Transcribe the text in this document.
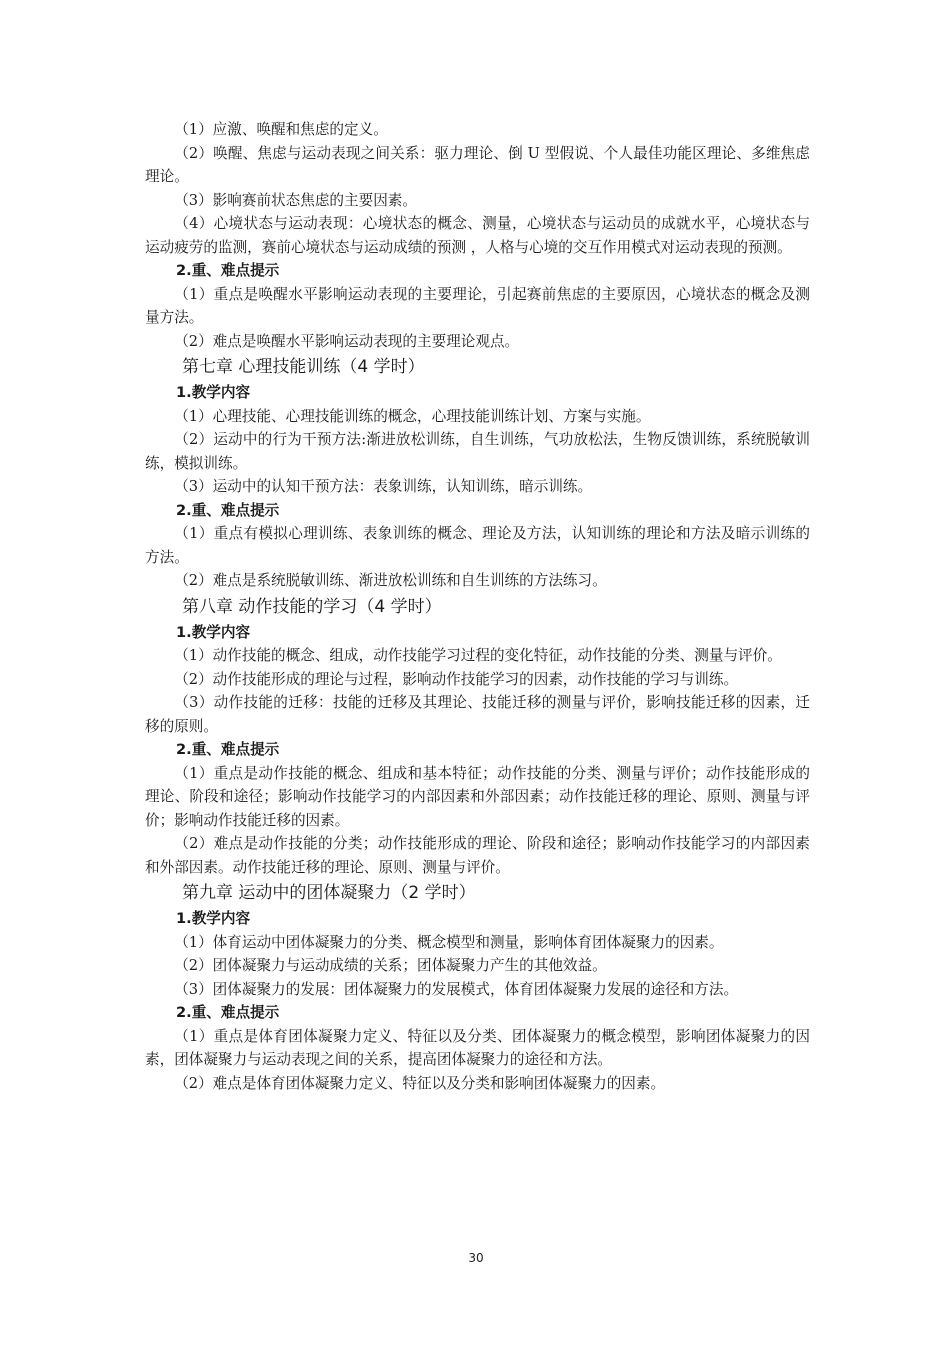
（1）应激、唤醒和焦虑的定义。

（2）唤醒、焦虑与运动表现之间关系：驱力理论、倒 U 型假说、个人最佳功能区理论、多维焦虑理论。

（3）影响赛前状态焦虑的主要因素。

（4）心境状态与运动表现：心境状态的概念、测量，心境状态与运动员的成就水平，心境状态与运动疲劳的监测，赛前心境状态与运动成绩的预测 ，人格与心境的交互作用模式对运动表现的预测。

2.重、难点提示

（1）重点是唤醒水平影响运动表现的主要理论，引起赛前焦虑的主要原因，心境状态的概念及测量方法。

（2）难点是唤醒水平影响运动表现的主要理论观点。

第七章 心理技能训练（4 学时）
1.教学内容

（1）心理技能、心理技能训练的概念，心理技能训练计划、方案与实施。

（2）运动中的行为干预方法:渐进放松训练，自生训练，气功放松法，生物反馈训练，系统脱敏训练，模拟训练。

（3）运动中的认知干预方法：表象训练，认知训练，暗示训练。

2.重、难点提示

（1）重点有模拟心理训练、表象训练的概念、理论及方法，认知训练的理论和方法及暗示训练的方法。

（2）难点是系统脱敏训练、渐进放松训练和自生训练的方法练习。

第八章 动作技能的学习（4 学时）
1.教学内容

（1）动作技能的概念、组成，动作技能学习过程的变化特征，动作技能的分类、测量与评价。

（2）动作技能形成的理论与过程，影响动作技能学习的因素，动作技能的学习与训练。

（3）动作技能的迁移：技能的迁移及其理论、技能迁移的测量与评价，影响技能迁移的因素，迁移的原则。

2.重、难点提示

（1）重点是动作技能的概念、组成和基本特征；动作技能的分类、测量与评价；动作技能形成的理论、阶段和途径；影响动作技能学习的内部因素和外部因素；动作技能迁移的理论、原则、测量与评价；影响动作技能迁移的因素。

（2）难点是动作技能的分类；动作技能形成的理论、阶段和途径；影响动作技能学习的内部因素和外部因素。动作技能迁移的理论、原则、测量与评价。

第九章 运动中的团体凝聚力（2 学时）
1.教学内容

（1）体育运动中团体凝聚力的分类、概念模型和测量，影响体育团体凝聚力的因素。

（2）团体凝聚力与运动成绩的关系；团体凝聚力产生的其他效益。

（3）团体凝聚力的发展：团体凝聚力的发展模式，体育团体凝聚力发展的途径和方法。

2.重、难点提示

（1）重点是体育团体凝聚力定义、特征以及分类、团体凝聚力的概念模型，影响团体凝聚力的因素，团体凝聚力与运动表现之间的关系，提高团体凝聚力的途径和方法。

（2）难点是体育团体凝聚力定义、特征以及分类和影响团体凝聚力的因素。

30
